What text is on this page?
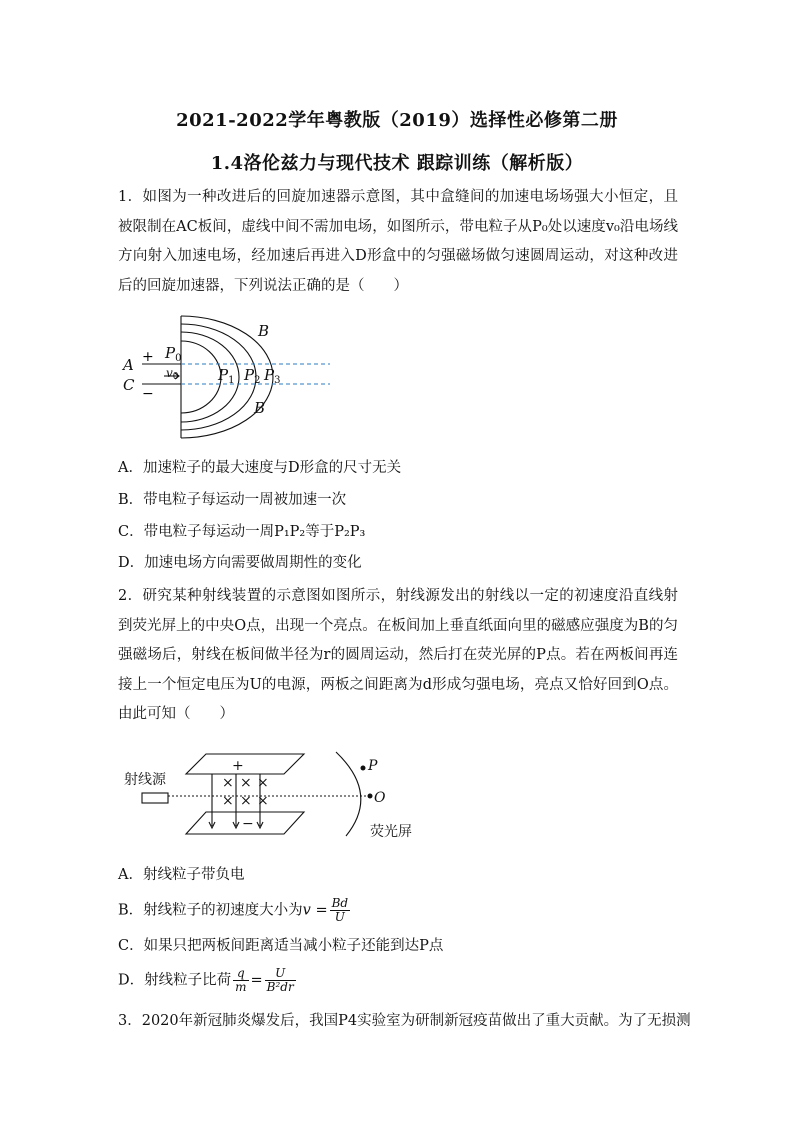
2021-2022学年粤教版（2019）选择性必修第二册
1.4洛伦兹力与现代技术 跟踪训练（解析版）
1．如图为一种改进后的回旋加速器示意图，其中盒缝间的加速电场场强大小恒定，且被限制在AC板间，虚线中间不需加电场，如图所示，带电粒子从P₀处以速度v₀沿电场线方向射入加速电场，经加速后再进入D形盒中的匀强磁场做匀速圆周运动，对这种改进后的回旋加速器，下列说法正确的是（　　）
B
B
A
C
$P_0$
v0	$P_1$ $P_2$ $P_3$
+
−
A．加速粒子的最大速度与D形盒的尺寸无关
B．带电粒子每运动一周被加速一次
C．带电粒子每运动一周P₁P₂等于P₂P₃
D．加速电场方向需要做周期性的变化
2．研究某种射线装置的示意图如图所示，射线源发出的射线以一定的初速度沿直线射到荧光屏上的中央O点，出现一个亮点。在板间加上垂直纸面向里的磁感应强度为B的匀强磁场后，射线在板间做半径为r的圆周运动，然后打在荧光屏的P点。若在两板间再连接上一个恒定电压为U的电源，两板之间距离为d形成匀强电场，亮点又恰好回到O点。由此可知（　　）
× × ×
× × ×
+
−
射线源
荧光屏
P
O
A．射线粒子带负电
B．射线粒子的初速度大小为$v = \frac{Bd}{U}$
C．如果只把两板间距离适当减小粒子还能到达P点
D．射线粒子比荷 $\frac{q}{m} = \frac{U}{\text{B²dr}}$
3．2020年新冠肺炎爆发后，我国P4实验室为研制新冠疫苗做出了重大贡献。为了无损测
